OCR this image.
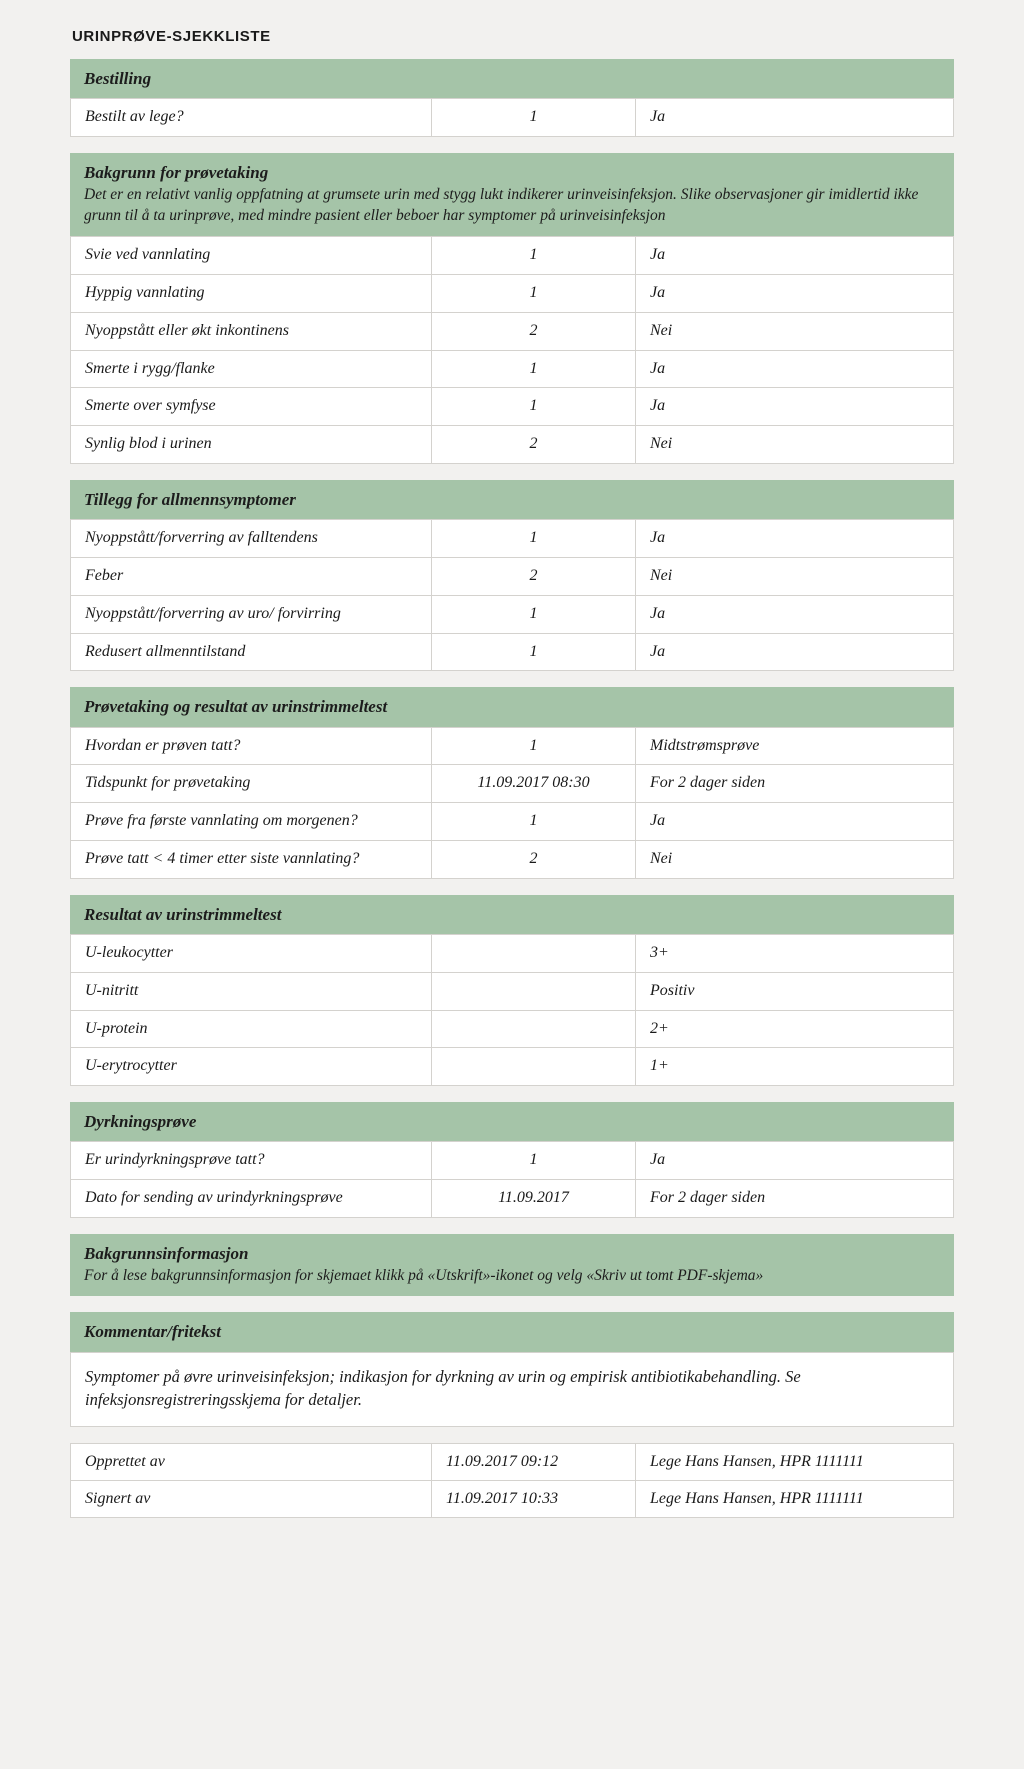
URINPRØVE-SJEKKLISTE
Bestilling
Bestilt av lege?	1	Ja
Bakgrunn for prøvetaking
Det er en relativt vanlig oppfatning at grumsete urin med stygg lukt indikerer urinveisinfeksjon. Slike observasjoner gir imidlertid ikke grunn til å ta urinprøve, med mindre pasient eller beboer har symptomer på urinveisinfeksjon
Svie ved vannlating	1	Ja
Hyppig vannlating	1	Ja
Nyoppstått eller økt inkontinens	2	Nei
Smerte i rygg/flanke	1	Ja
Smerte over symfyse	1	Ja
Synlig blod i urinen	2	Nei
Tillegg for allmennsymptomer
Nyoppstått/forverring av falltendens	1	Ja
Feber	2	Nei
Nyoppstått/forverring av uro/ forvirring	1	Ja
Redusert allmenntilstand	1	Ja
Prøvetaking og resultat av urinstrimmeltest
Hvordan er prøven tatt?	1	Midtstrømsprøve
Tidspunkt for prøvetaking	11.09.2017 08:30	For 2 dager siden
Prøve fra første vannlating om morgenen?	1	Ja
Prøve tatt < 4 timer etter siste vannlating?	2	Nei
Resultat av urinstrimmeltest
U-leukocytter		3+
U-nitritt		Positiv
U-protein		2+
U-erytrocytter		1+
Dyrkningsprøve
Er urindyrkningsprøve tatt?	1	Ja
Dato for sending av urindyrkningsprøve	11.09.2017	For 2 dager siden
Bakgrunnsinformasjon
For å lese bakgrunnsinformasjon for skjemaet klikk på «Utskrift»-ikonet og velg «Skriv ut tomt PDF-skjema»
Kommentar/fritekst

Symptomer på øvre urinveisinfeksjon; indikasjon for dyrkning av urin og empirisk antibiotikabehandling. Se infeksjonsregistreringsskjema for detaljer.

Opprettet av	11.09.2017 09:12	Lege Hans Hansen, HPR 1111111
Signert av	11.09.2017 10:33	Lege Hans Hansen, HPR 1111111
